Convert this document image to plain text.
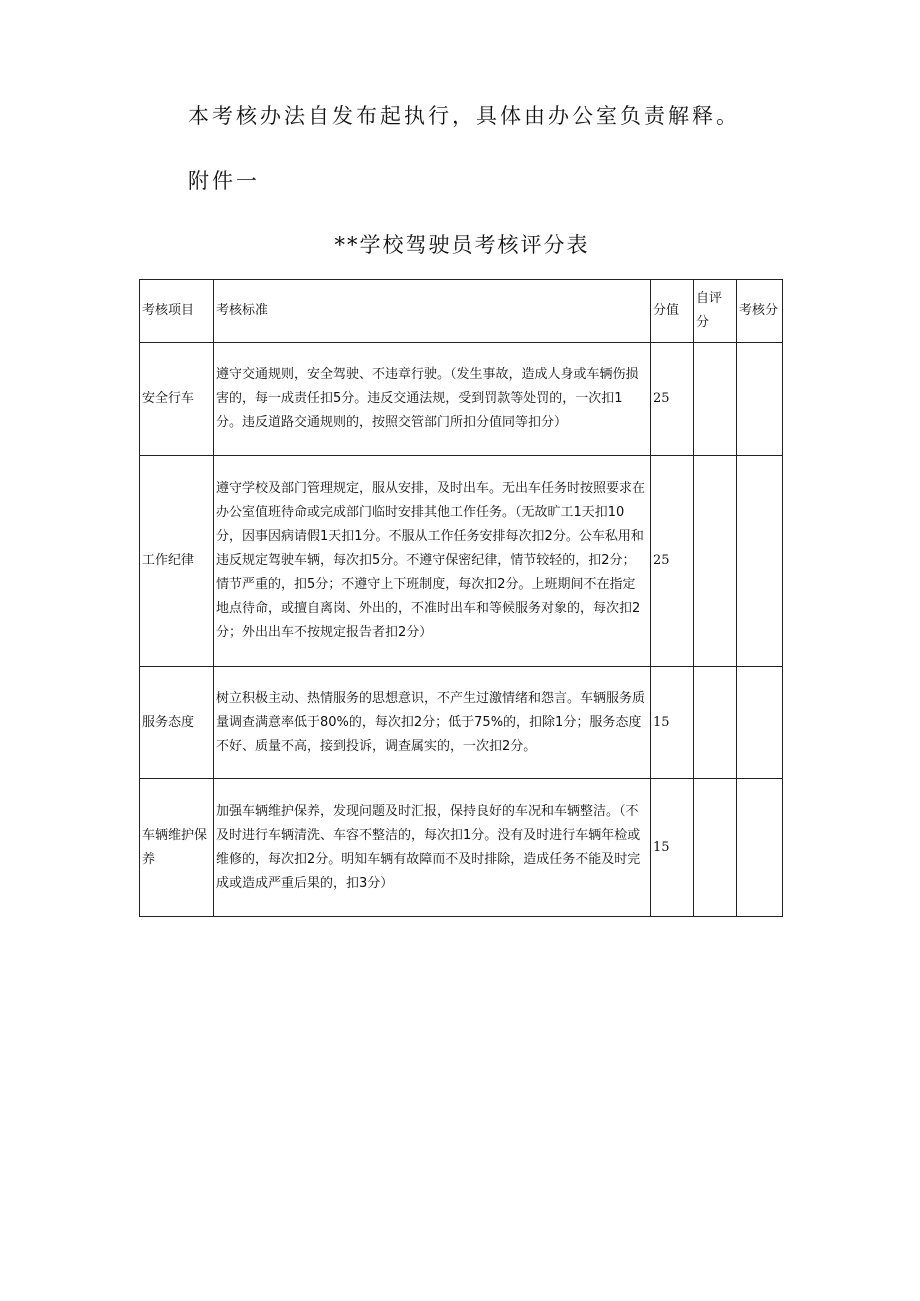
本考核办法自发布起执行，具体由办公室负责解释。

附件一

**学校驾驶员考核评分表
考核项目	考核标准	分值	自评分	考核分
安全行车	遵守交通规则，安全驾驶、不违章行驶。（发生事故，造成人身或车辆伤损害的，每一成责任扣5分。违反交通法规，受到罚款等处罚的，一次扣1分。违反道路交通规则的，按照交管部门所扣分值同等扣分）	25		
工作纪律	遵守学校及部门管理规定，服从安排，及时出车。无出车任务时按照要求在办公室值班待命或完成部门临时安排其他工作任务。（无故旷工1天扣10分，因事因病请假1天扣1分。不服从工作任务安排每次扣2分。公车私用和违反规定驾驶车辆，每次扣5分。不遵守保密纪律，情节较轻的，扣2分；情节严重的，扣5分；不遵守上下班制度，每次扣2分。上班期间不在指定地点待命，或擅自离岗、外出的，不准时出车和等候服务对象的，每次扣2分；外出出车不按规定报告者扣2分）	25		
服务态度	树立积极主动、热情服务的思想意识，不产生过激情绪和怨言。车辆服务质量调查满意率低于80%的，每次扣2分；低于75%的，扣除1分；服务态度不好、质量不高，接到投诉，调查属实的，一次扣2分。	15		
车辆维护保养	加强车辆维护保养，发现问题及时汇报，保持良好的车况和车辆整洁。（不及时进行车辆清洗、车容不整洁的，每次扣1分。没有及时进行车辆年检或维修的，每次扣2分。明知车辆有故障而不及时排除，造成任务不能及时完成或造成严重后果的，扣3分）	15		
